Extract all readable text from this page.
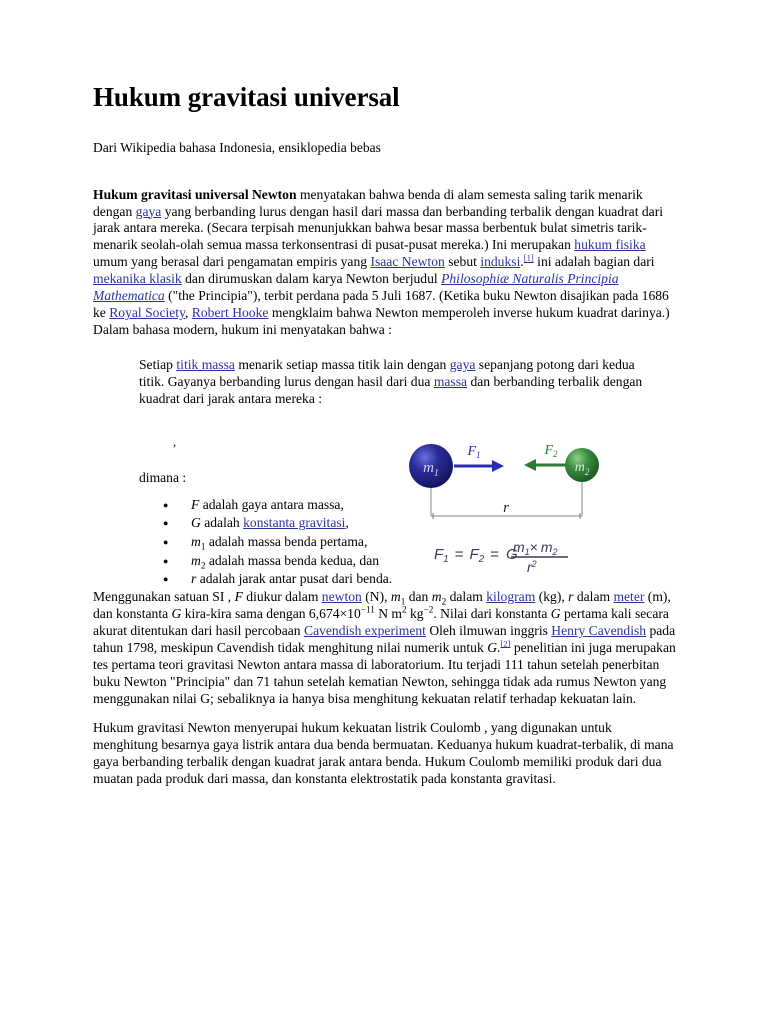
Hukum gravitasi universal
Dari Wikipedia bahasa Indonesia, ensiklopedia bebas

Hukum gravitasi universal Newton menyatakan bahwa benda di alam semesta saling tarik menarik dengan gaya yang berbanding lurus dengan hasil dari massa dan berbanding terbalik dengan kuadrat dari jarak antara mereka. (Secara terpisah menunjukkan bahwa besar massa berbentuk bulat simetris tarik-menarik seolah-olah semua massa terkonsentrasi di pusat-pusat mereka.) Ini merupakan hukum fisika umum yang berasal dari pengamatan empiris yang Isaac Newton sebut induksi.[1] ini adalah bagian dari mekanika klasik dan dirumuskan dalam karya Newton berjudul Philosophiæ Naturalis Principia Mathematica ("the Principia"), terbit perdana pada 5 Juli 1687. (Ketika buku Newton disajikan pada 1686 ke Royal Society, Robert Hooke mengklaim bahwa Newton memperoleh inverse hukum kuadrat darinya.) Dalam bahasa modern, hukum ini menyatakan bahwa :

Setiap titik massa menarik setiap massa titik lain dengan gaya sepanjang potong dari kedua titik. Gayanya berbanding lurus dengan hasil dari dua massa dan berbanding terbalik dengan kuadrat dari jarak antara mereka :
,
dimana :
● F adalah gaya antara massa,
● G adalah konstanta gravitasi,
● $m_1$ adalah massa benda pertama,
● $m_2$ adalah massa benda kedua, dan
● r adalah jarak antar pusat dari benda.
r
$m_1$
$F_1$	$F_2$
$m_2$
$F_1 = F_2 = G$
$m_1\times m_2$
$r^2$

Menggunakan satuan SI , F diukur dalam newton (N), $m_1$ dan $m_2$ dalam kilogram (kg), r dalam meter (m), dan konstanta G kira-kira sama dengan $6,674\times 10^{-11}$ N $m^2$ $kg^{-2}$. Nilai dari konstanta G pertama kali secara akurat ditentukan dari hasil percobaan Cavendish experiment Oleh ilmuwan inggris Henry Cavendish pada tahun 1798, meskipun Cavendish tidak menghitung nilai numerik untuk G.[2] penelitian ini juga merupakan tes pertama teori gravitasi Newton antara massa di laboratorium. Itu terjadi 111 tahun setelah penerbitan buku Newton "Principia" dan 71 tahun setelah kematian Newton, sehingga tidak ada rumus Newton yang menggunakan nilai G; sebaliknya ia hanya bisa menghitung kekuatan relatif terhadap kekuatan lain.

Hukum gravitasi Newton menyerupai hukum kekuatan listrik Coulomb , yang digunakan untuk menghitung besarnya gaya listrik antara dua benda bermuatan. Keduanya hukum kuadrat-terbalik, di mana gaya berbanding terbalik dengan kuadrat jarak antara benda. Hukum Coulomb memiliki produk dari dua muatan pada produk dari massa, dan konstanta elektrostatik pada konstanta gravitasi.
